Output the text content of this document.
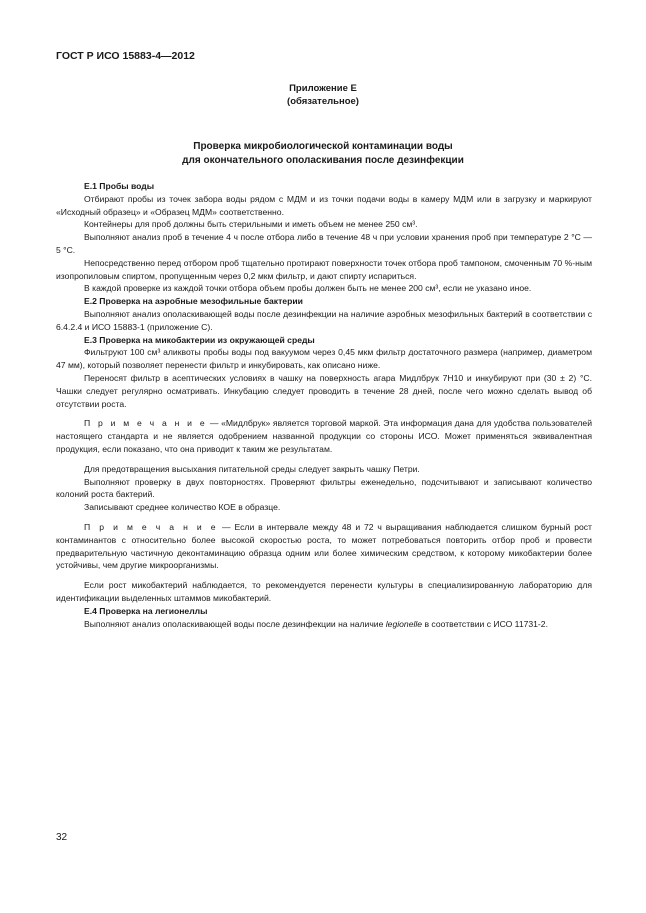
ГОСТ Р ИСО 15883-4—2012
Приложение E
(обязательное)
Проверка микробиологической контаминации воды
для окончательного ополаскивания после дезинфекции

E.1 Пробы воды

Отбирают пробы из точек забора воды рядом с МДМ и из точки подачи воды в камеру МДМ или в загрузку и маркируют «Исходный образец» и «Образец МДМ» соответственно.

Контейнеры для проб должны быть стерильными и иметь объем не менее 250 см³.

Выполняют анализ проб в течение 4 ч после отбора либо в течение 48 ч при условии хранения проб при температуре 2 °С — 5 °С.

Непосредственно перед отбором проб тщательно протирают поверхности точек отбора проб тампоном, смоченным 70 %-ным изопропиловым спиртом, пропущенным через 0,2 мкм фильтр, и дают спирту испариться.

В каждой проверке из каждой точки отбора объем пробы должен быть не менее 200 см³, если не указано иное.

E.2 Проверка на аэробные мезофильные бактерии

Выполняют анализ ополаскивающей воды после дезинфекции на наличие аэробных мезофильных бактерий в соответствии с 6.4.2.4 и ИСО 15883-1 (приложение С).

E.3 Проверка на микобактерии из окружающей среды

Фильтруют 100 см³ аликвоты пробы воды под вакуумом через 0,45 мкм фильтр достаточного размера (например, диаметром 47 мм), который позволяет перенести фильтр и инкубировать, как описано ниже.

Переносят фильтр в асептических условиях в чашку на поверхность агара Мидлбрук 7Н10 и инкубируют при (30 ± 2) °С. Чашки следует регулярно осматривать. Инкубацию следует проводить в течение 28 дней, после чего можно сделать вывод об отсутствии роста.

П р и м е ч а н и е — «Мидлбрук» является торговой маркой. Эта информация дана для удобства пользователей настоящего стандарта и не является одобрением названной продукции со стороны ИСО. Может применяться эквивалентная продукция, если показано, что она приводит к таким же результатам.

Для предотвращения высыхания питательной среды следует закрыть чашку Петри.

Выполняют проверку в двух повторностях. Проверяют фильтры еженедельно, подсчитывают и записывают количество колоний роста бактерий.

Записывают среднее количество КОЕ в образце.

П р и м е ч а н и е — Если в интервале между 48 и 72 ч выращивания наблюдается слишком бурный рост контаминантов с относительно более высокой скоростью роста, то может потребоваться повторить отбор проб и провести предварительную частичную деконтаминацию образца одним или более химическим средством, к которому микобактерии более устойчивы, чем другие микроорганизмы.

Если рост микобактерий наблюдается, то рекомендуется перенести культуры в специализированную лабораторию для идентификации выделенных штаммов микобактерий.

E.4 Проверка на легионеллы

Выполняют анализ ополаскивающей воды после дезинфекции на наличие legionelle в соответствии с ИСО 11731-2.

32
